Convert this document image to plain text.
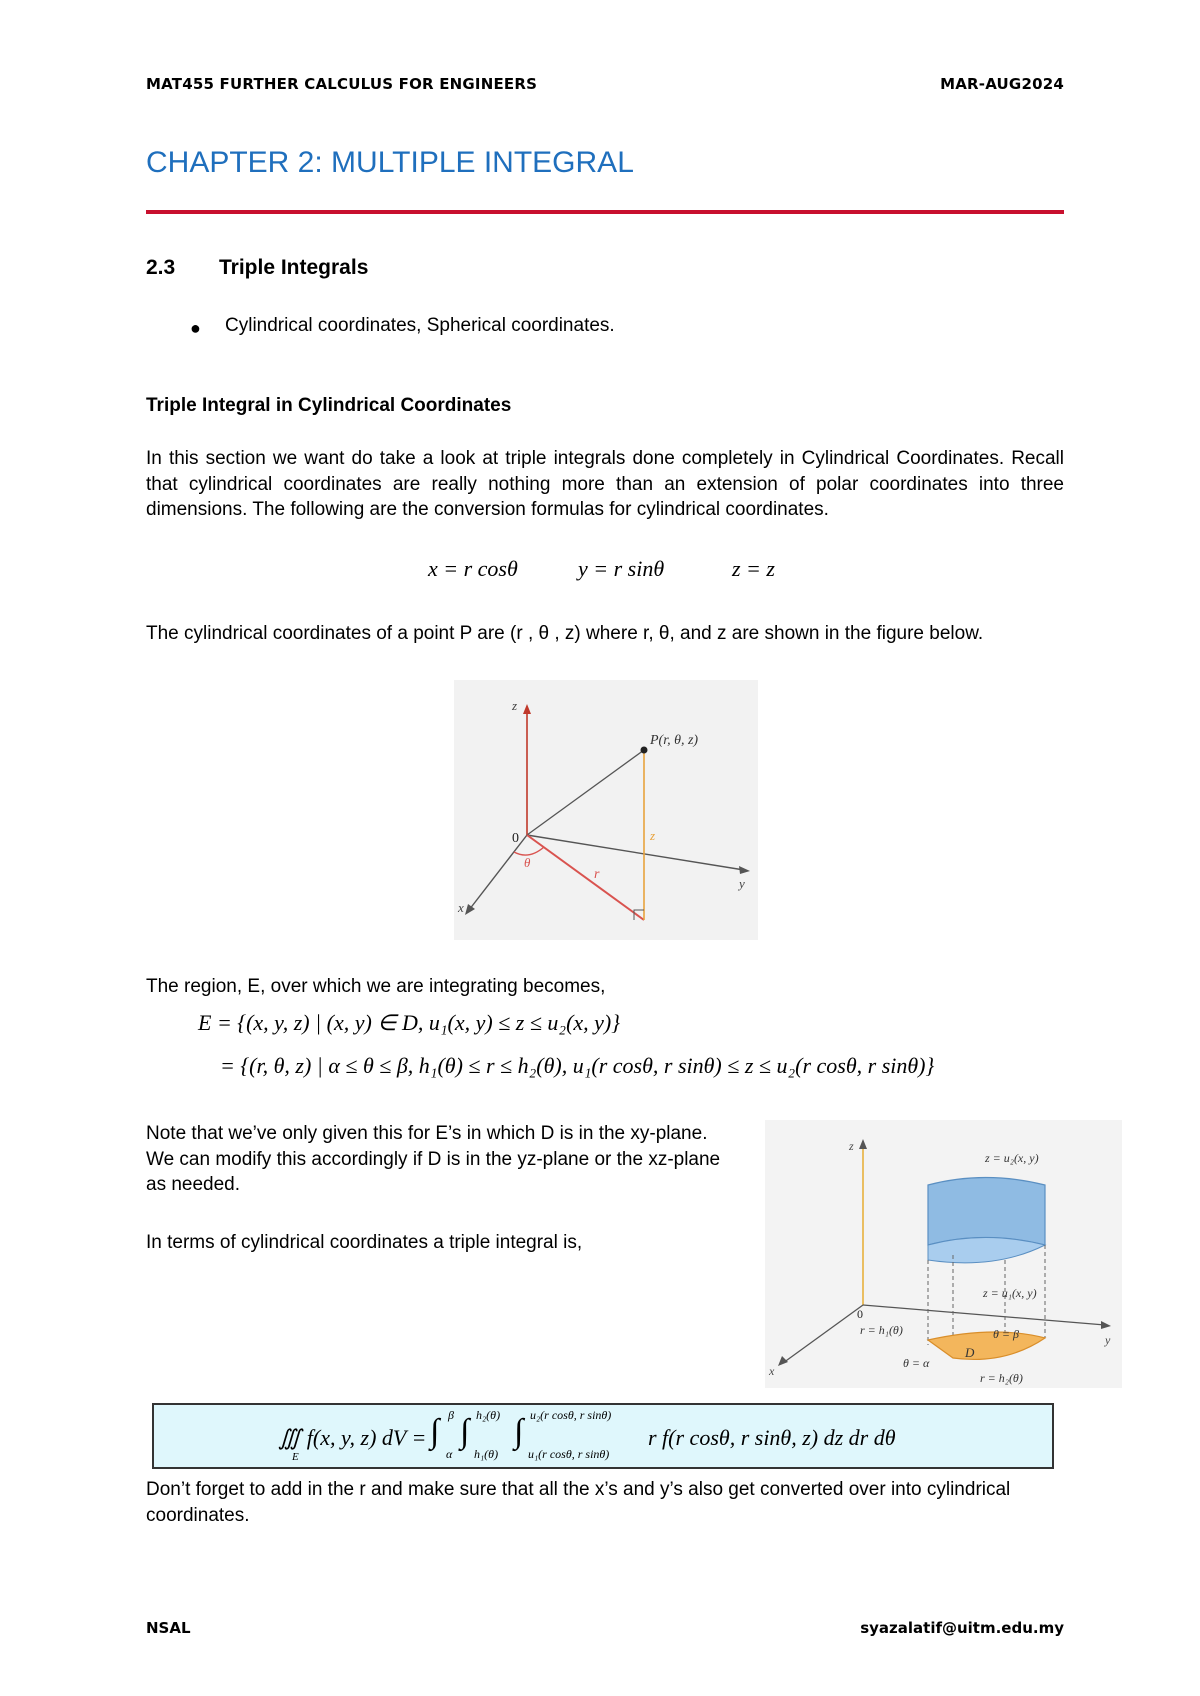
MAT455 FURTHER CALCULUS FOR ENGINEERS	MAR-AUG2024
CHAPTER 2: MULTIPLE INTEGRAL
2.3 Triple Integrals
● Cylindrical coordinates, Spherical coordinates.
Triple Integral in Cylindrical Coordinates
In this section we want do take a look at triple integrals done completely in Cylindrical Coordinates. Recall that cylindrical coordinates are really nothing more than an extension of polar coordinates into three dimensions. The following are the conversion formulas for cylindrical coordinates.
x = r cosθ	y = r sinθ	z = z
The cylindrical coordinates of a point P are (r , θ , z) where r, θ, and z are shown in the figure below.
P(r, θ, z)
0
z
y
x
θ
r
z
The region, E, over which we are integrating becomes,
E = {(x, y, z) | (x, y) ∈ D, u₁(x, y) ≤ z ≤ u₂(x, y)}
= {(r, θ, z) | α ≤ θ ≤ β, h₁(θ) ≤ r ≤ h₂(θ), u₁(r cosθ, r sinθ) ≤ z ≤ u₂(r cosθ, r sinθ)}
Note that we’ve only given this for E’s in which D is in the xy-plane. We can modify this accordingly if D is in the yz-plane or the xz-plane as needed.
In terms of cylindrical coordinates a triple integral is,
z = u₂(x, y)
z = u₁(x, y)
0
z
y
x
r = h₁(θ)	θ = β
θ = α
D
r = h₂(θ)
∭ f(x, y, z) dV =
E
∫ β
α
∫ h₂(θ)
h₁(θ)
∫ u₂(r cosθ, r sinθ)
u₁(r cosθ, r sinθ)
r f(r cosθ, r sinθ, z) dz dr dθ
Don’t forget to add in the r and make sure that all the x’s and y’s also get converted over into cylindrical coordinates.
NSAL	syazalatif@uitm.edu.my
